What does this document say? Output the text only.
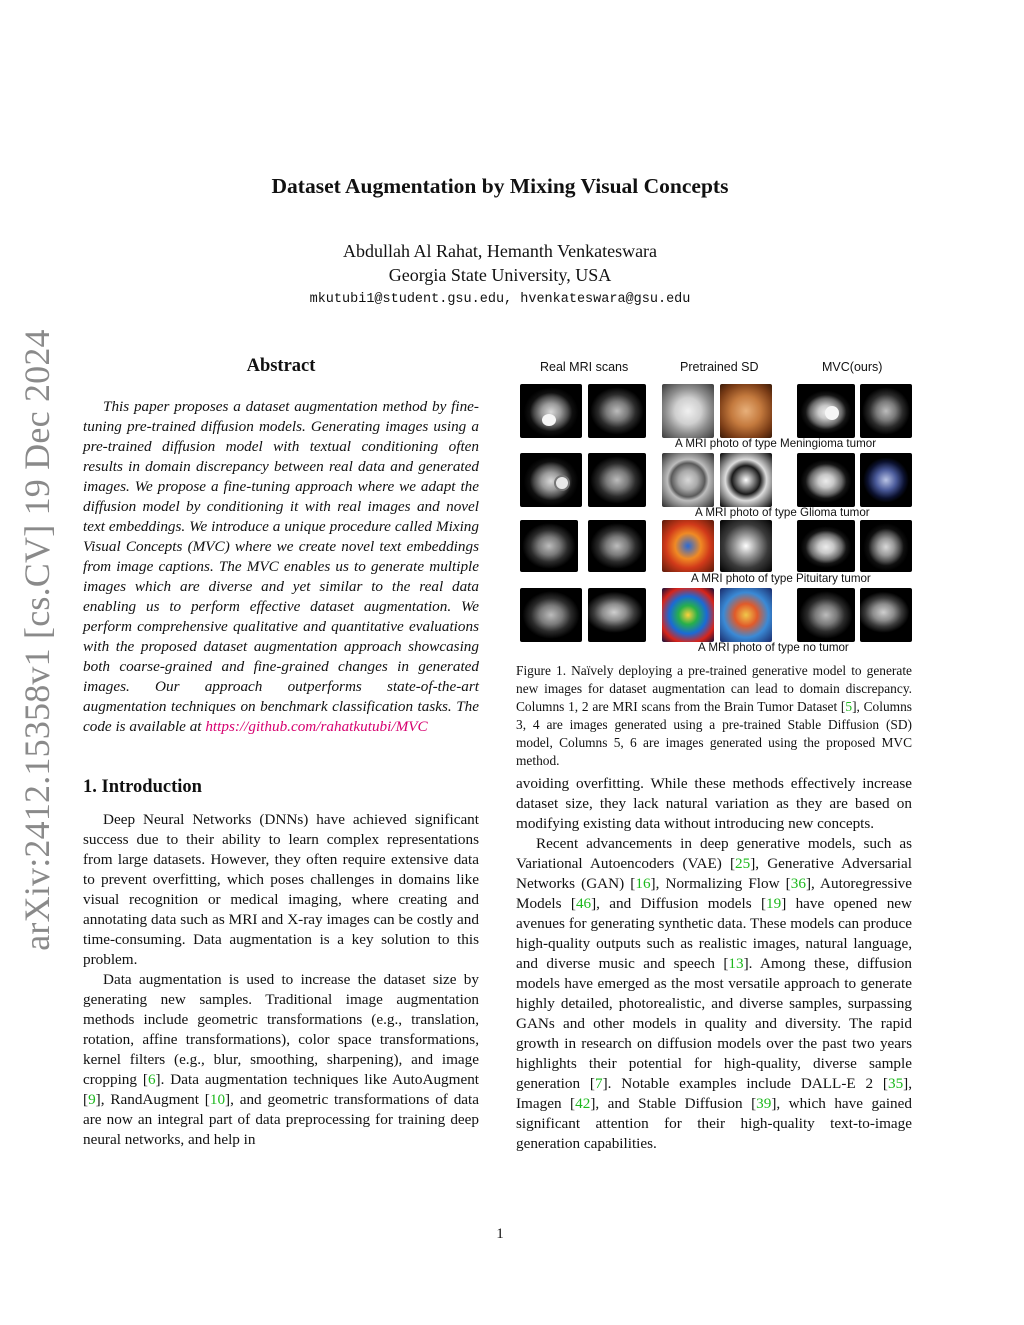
arXiv:2412.15358v1 [cs.CV] 19 Dec 2024
Dataset Augmentation by Mixing Visual Concepts
Abdullah Al Rahat, Hemanth Venkateswara
Georgia State University, USA
mkutubi1@student.gsu.edu, hvenkateswara@gsu.edu
Abstract

This paper proposes a dataset augmentation method by fine-tuning pre-trained diffusion models. Generating images using a pre-trained diffusion model with textual conditioning often results in domain discrepancy between real data and generated images. We propose a fine-tuning approach where we adapt the diffusion model by conditioning it with real images and novel text embeddings. We introduce a unique procedure called Mixing Visual Concepts (MVC) where we create novel text embeddings from image captions. The MVC enables us to generate multiple images which are diverse and yet similar to the real data enabling us to perform effective dataset augmentation. We perform comprehensive qualitative and quantitative evaluations with the proposed dataset augmentation approach showcasing both coarse-grained and fine-grained changes in generated images. Our approach outperforms state-of-the-art augmentation techniques on benchmark classification tasks. The code is available at https://github.com/rahatkutubi/MVC

1. Introduction

Deep Neural Networks (DNNs) have achieved significant success due to their ability to learn complex representations from large datasets. However, they often require extensive data to prevent overfitting, which poses challenges in domains like visual recognition or medical imaging, where creating and annotating data such as MRI and X-ray images can be costly and time-consuming. Data augmentation is a key solution to this problem.

Data augmentation is used to increase the dataset size by generating new samples. Traditional image augmentation methods include geometric transformations (e.g., translation, rotation, affine transformations), color space transformations, kernel filters (e.g., blur, smoothing, sharpening), and image cropping [6]. Data augmentation techniques like AutoAugment [9], RandAugment [10], and geometric transformations of data are now an integral part of data preprocessing for training deep neural networks, and help in

Real MRI scans	Pretrained SD	MVC(ours)
A MRI photo of type Meningioma tumor
A MRI photo of type Glioma tumor
A MRI photo of type Pituitary tumor
A MRI photo of type no tumor

Figure 1. Naïvely deploying a pre-trained generative model to generate new images for dataset augmentation can lead to domain discrepancy. Columns 1, 2 are MRI scans from the Brain Tumor Dataset [5], Columns 3, 4 are images generated using a pre-trained Stable Diffusion (SD) model, Columns 5, 6 are images generated using the proposed MVC method.

avoiding overfitting. While these methods effectively increase dataset size, they lack natural variation as they are based on modifying existing data without introducing new concepts.

Recent advancements in deep generative models, such as Variational Autoencoders (VAE) [25], Generative Adversarial Networks (GAN) [16], Normalizing Flow [36], Autoregressive Models [46], and Diffusion models [19] have opened new avenues for generating synthetic data. These models can produce high-quality outputs such as realistic images, natural language, and diverse music and speech [13]. Among these, diffusion models have emerged as the most versatile approach to generate highly detailed, photorealistic, and diverse samples, surpassing GANs and other models in quality and diversity. The rapid growth in research on diffusion models over the past two years highlights their potential for high-quality, diverse sample generation [7]. Notable examples include DALL-E 2 [35], Imagen [42], and Stable Diffusion [39], which have gained significant attention for their high-quality text-to-image generation capabilities.

1
